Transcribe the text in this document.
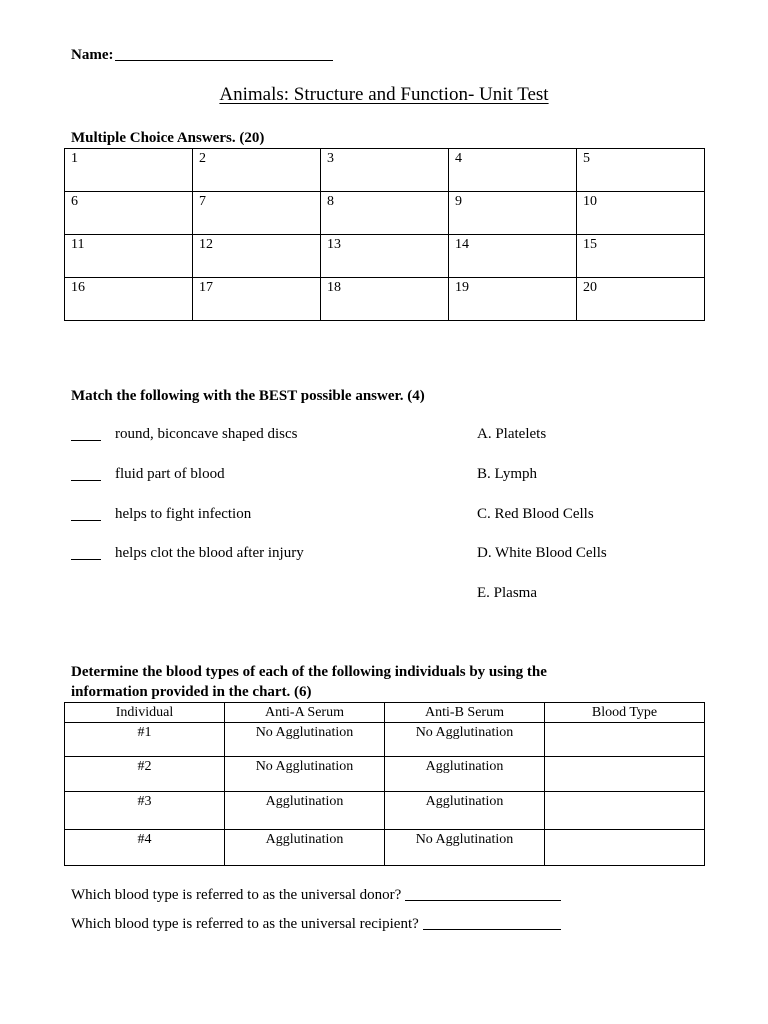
Name:
Animals: Structure and Function- Unit Test
Multiple Choice Answers. (20)
1	2	3	4	5
6	7	8	9	10
11	12	13	14	15
16	17	18	19	20
Match the following with the BEST possible answer. (4)
round, biconcave shaped discs
fluid part of blood
helps to fight infection
helps clot the blood after injury
A. Platelets
B. Lymph
C. Red Blood Cells
D. White Blood Cells
E. Plasma
Determine the blood types of each of the following individuals by using the
information provided in the chart. (6)
Individual	Anti-A Serum	Anti-B Serum	Blood Type
#1	No Agglutination	No Agglutination	
#2	No Agglutination	Agglutination	
#3	Agglutination	Agglutination	
#4	Agglutination	No Agglutination	
Which blood type is referred to as the universal donor?
Which blood type is referred to as the universal recipient?
